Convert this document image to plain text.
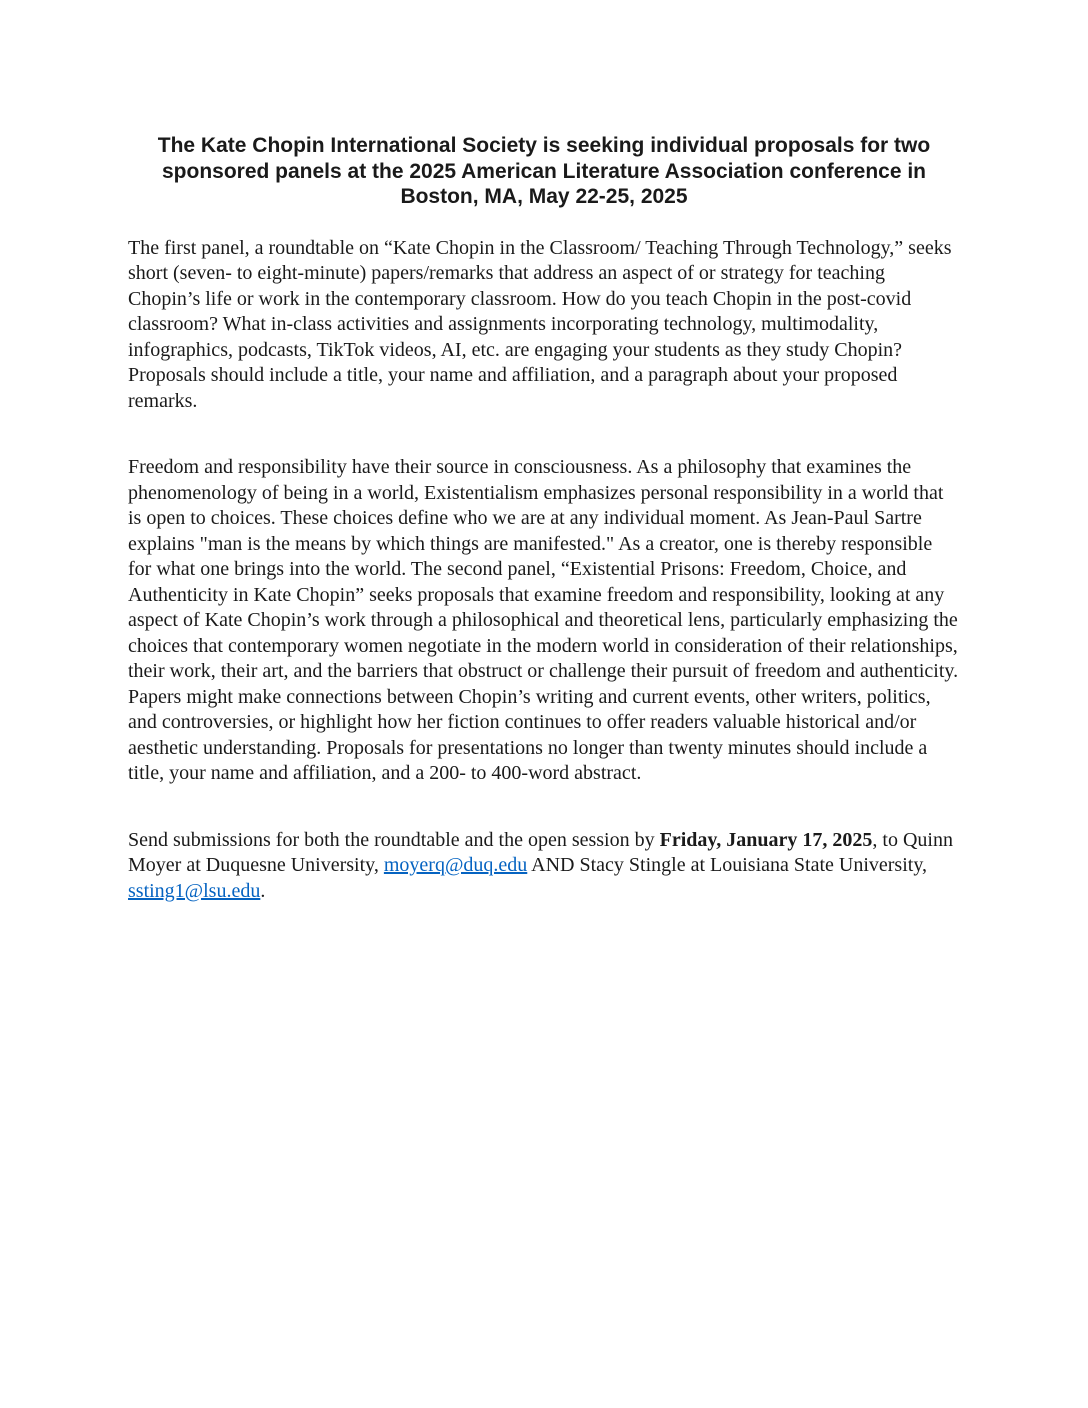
The Kate Chopin International Society is seeking individual proposals for two sponsored panels at the 2025 American Literature Association conference in Boston, MA, May 22-25, 2025

The first panel, a roundtable on “Kate Chopin in the Classroom/ Teaching Through Technology,” seeks short (seven- to eight-minute) papers/remarks that address an aspect of or strategy for teaching Chopin’s life or work in the contemporary classroom. How do you teach Chopin in the post-covid classroom? What in-class activities and assignments incorporating technology, multimodality, infographics, podcasts, TikTok videos, AI, etc. are engaging your students as they study Chopin? Proposals should include a title, your name and affiliation, and a paragraph about your proposed remarks.

Freedom and responsibility have their source in consciousness. As a philosophy that examines the phenomenology of being in a world, Existentialism emphasizes personal responsibility in a world that is open to choices. These choices define who we are at any individual moment. As Jean-Paul Sartre explains "man is the means by which things are manifested." As a creator, one is thereby responsible for what one brings into the world. The second panel, “Existential Prisons: Freedom, Choice, and Authenticity in Kate Chopin” seeks proposals that examine freedom and responsibility, looking at any aspect of Kate Chopin’s work through a philosophical and theoretical lens, particularly emphasizing the choices that contemporary women negotiate in the modern world in consideration of their relationships, their work, their art, and the barriers that obstruct or challenge their pursuit of freedom and authenticity. Papers might make connections between Chopin’s writing and current events, other writers, politics, and controversies, or highlight how her fiction continues to offer readers valuable historical and/or aesthetic understanding. Proposals for presentations no longer than twenty minutes should include a title, your name and affiliation, and a 200- to 400-word abstract.

Send submissions for both the roundtable and the open session by Friday, January 17, 2025, to Quinn Moyer at Duquesne University, moyerq@duq.edu AND Stacy Stingle at Louisiana State University, ssting1@lsu.edu.
